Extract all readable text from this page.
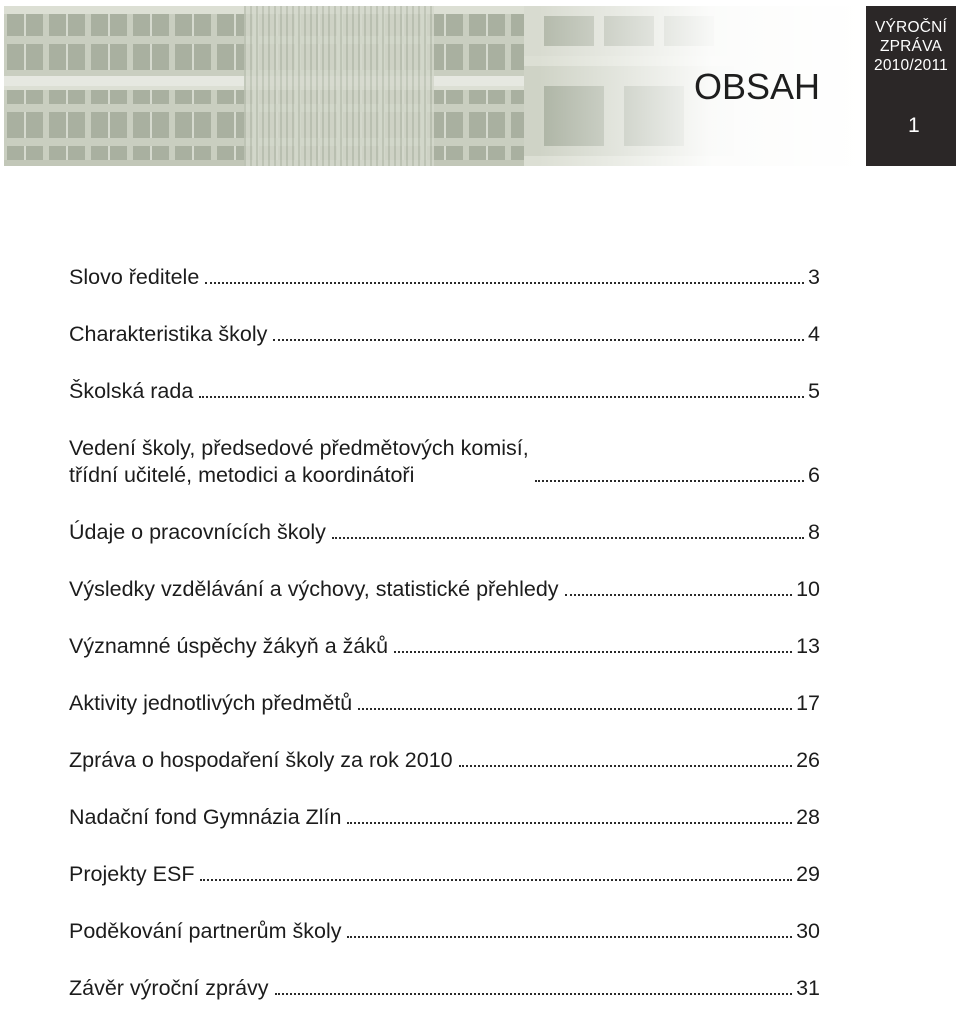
OBSAH
VÝROČNÍ
ZPRÁVA
2010/2011
1
Slovo ředitele	3
Charakteristika školy	4
Školská rada	5
Vedení školy, předsedové předmětových komisí,
třídní učitelé, metodici a koordinátoři	6
Údaje o pracovnících školy	8
Výsledky vzdělávání a výchovy, statistické přehledy	10
Významné úspěchy žákyň a žáků	13
Aktivity jednotlivých předmětů	17
Zpráva o hospodaření školy za rok 2010	26
Nadační fond Gymnázia Zlín	28
Projekty ESF	29
Poděkování partnerům školy	30
Závěr výroční zprávy	31
